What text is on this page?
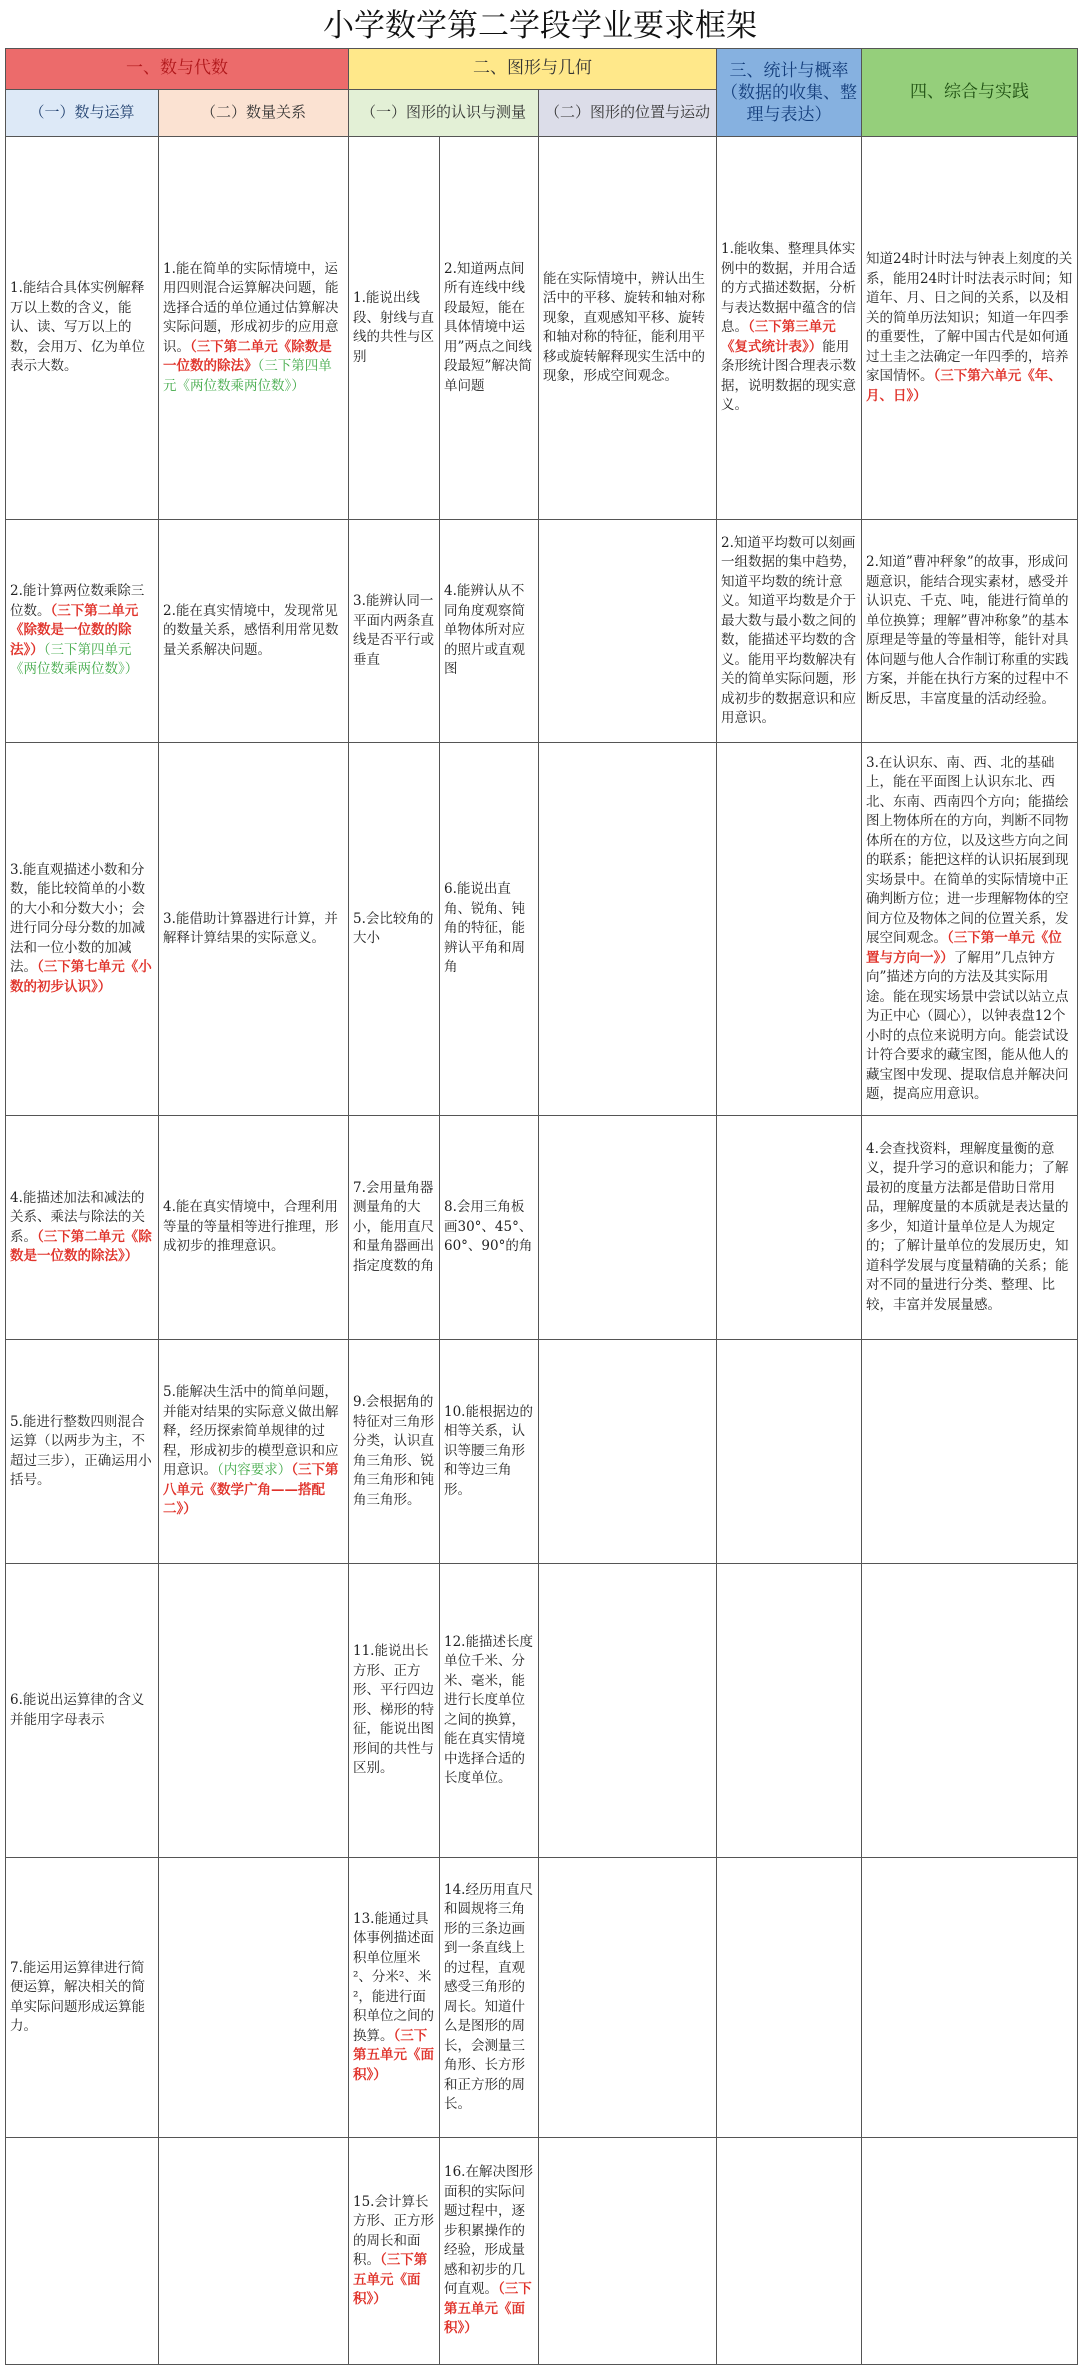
小学数学第二学段学业要求框架
一、数与代数		二、图形与几何			三、统计与概率（数据的收集、整理与表达）	四、综合与实践
（一）数与运算	（二）数量关系	（一）图形的认识与测量		（二）图形的位置与运动		
1.能结合具体实例解释万以上数的含义，能认、读、写万以上的数，会用万、亿为单位表示大数。	1.能在简单的实际情境中，运用四则混合运算解决问题，能选择合适的单位通过估算解决实际问题，形成初步的应用意识。（三下第二单元《除数是一位数的除法》（三下第四单元《两位数乘两位数》）	1.能说出线段、射线与直线的共性与区别	2.知道两点间所有连线中线段最短，能在具体情境中运用”两点之间线段最短”解决简单问题	能在实际情境中，辨认出生活中的平移、旋转和轴对称现象，直观感知平移、旋转和轴对称的特征，能利用平移或旋转解释现实生活中的现象，形成空间观念。	1.能收集、整理具体实例中的数据，并用合适的方式描述数据，分析与表达数据中蕴含的信息。（三下第三单元《复式统计表》）能用条形统计图合理表示数据，说明数据的现实意义。	知道24时计时法与钟表上刻度的关系，能用24时计时法表示时间；知道年、月、日之间的关系，以及相关的简单历法知识；知道一年四季的重要性，了解中国古代是如何通过土圭之法确定一年四季的，培养家国情怀。（三下第六单元《年、月、日》）
2.能计算两位数乘除三位数。（三下第二单元《除数是一位数的除法》）（三下第四单元《两位数乘两位数》）	2.能在真实情境中，发现常见的数量关系，感悟利用常见数量关系解决问题。	3.能辨认同一平面内两条直线是否平行或垂直	4.能辨认从不同角度观察简单物体所对应的照片或直观图		2.知道平均数可以刻画一组数据的集中趋势，知道平均数的统计意义。知道平均数是介于最大数与最小数之间的数，能描述平均数的含义。能用平均数解决有关的简单实际问题，形成初步的数据意识和应用意识。	2.知道”曹冲秤象”的故事，形成问题意识，能结合现实素材，感受并认识克、千克、吨，能进行简单的单位换算；理解”曹冲称象”的基本原理是等量的等量相等，能针对具体问题与他人合作制订称重的实践方案，并能在执行方案的过程中不断反思，丰富度量的活动经验。
3.能直观描述小数和分数，能比较简单的小数的大小和分数大小；会进行同分母分数的加减法和一位小数的加减法。（三下第七单元《小数的初步认识》）	3.能借助计算器进行计算，并解释计算结果的实际意义。	5.会比较角的大小	6.能说出直角、锐角、钝角的特征，能辨认平角和周角			3.在认识东、南、西、北的基础上，能在平面图上认识东北、西北、东南、西南四个方向；能描绘图上物体所在的方向，判断不同物体所在的方位，以及这些方向之间的联系；能把这样的认识拓展到现实场景中。在简单的实际情境中正确判断方位；进一步理解物体的空间方位及物体之间的位置关系，发展空间观念。（三下第一单元《位置与方向一》）了解用”几点钟方向”描述方向的方法及其实际用途。能在现实场景中尝试以站立点为正中心（圆心），以钟表盘12个小时的点位来说明方向。能尝试设计符合要求的藏宝图，能从他人的藏宝图中发现、提取信息并解决问题，提高应用意识。
4.能描述加法和减法的关系、乘法与除法的关系。（三下第二单元《除数是一位数的除法》）	4.能在真实情境中，合理利用等量的等量相等进行推理，形成初步的推理意识。	7.会用量角器测量角的大小，能用直尺和量角器画出指定度数的角	8.会用三角板画30°、45°、60°、90°的角			4.会查找资料，理解度量衡的意义，提升学习的意识和能力；了解最初的度量方法都是借助日常用品，理解度量的本质就是表达量的多少，知道计量单位是人为规定的；了解计量单位的发展历史，知道科学发展与度量精确的关系；能对不同的量进行分类、整理、比较，丰富并发展量感。
5.能进行整数四则混合运算（以两步为主，不超过三步），正确运用小括号。	5.能解决生活中的简单问题，并能对结果的实际意义做出解释，经历探索简单规律的过程，形成初步的模型意识和应用意识。（内容要求）（三下第八单元《数学广角——搭配二》）	9.会根据角的特征对三角形分类，认识直角三角形、锐角三角形和钝角三角形。	10.能根据边的相等关系，认识等腰三角形和等边三角形。			
6.能说出运算律的含义并能用字母表示		11.能说出长方形、正方形、平行四边形、梯形的特征，能说出图形间的共性与区别。	12.能描述长度单位千米、分米、毫米，能进行长度单位之间的换算，能在真实情境中选择合适的长度单位。			
7.能运用运算律进行简便运算，解决相关的简单实际问题形成运算能力。		13.能通过具体事例描述面积单位厘米²、分米²、米²，能进行面积单位之间的换算。（三下第五单元《面积》）	14.经历用直尺和圆规将三角形的三条边画到一条直线上的过程，直观感受三角形的周长。知道什么是图形的周长，会测量三角形、长方形和正方形的周长。			
		15.会计算长方形、正方形的周长和面积。（三下第五单元《面积》）	16.在解决图形面积的实际问题过程中，逐步积累操作的经验，形成量感和初步的几何直观。（三下第五单元《面积》）			
